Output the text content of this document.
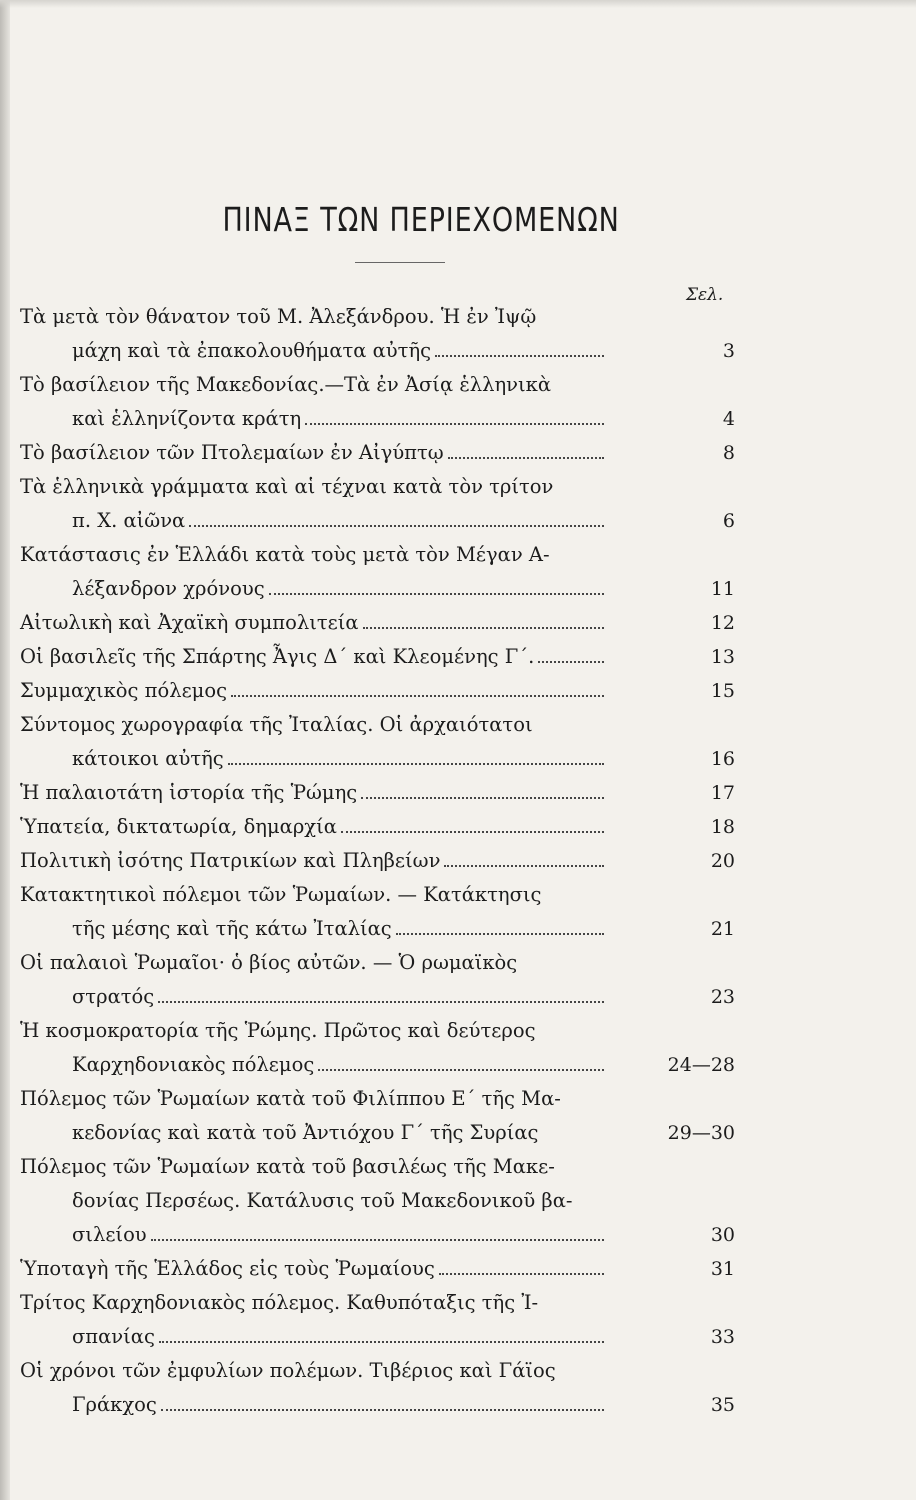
ΠΙΝΑΞ ΤΩΝ ΠΕΡΙΕΧΟΜΕΝΩΝ
Σελ.
Τὰ μετὰ τὸν θάνατον τοῦ Μ. Ἀλεξάνδρου. Ἡ ἐν Ἰψῷ
μάχη καὶ τὰ ἐπακολουθήματα αὐτῆς	3
Τὸ βασίλειον τῆς Μακεδονίας.—Τὰ ἐν Ἀσίᾳ ἑλληνικὰ
καὶ ἑλληνίζοντα κράτη	4
Τὸ βασίλειον τῶν Πτολεμαίων ἐν Αἰγύπτῳ	8
Τὰ ἑλληνικὰ γράμματα καὶ αἱ τέχναι κατὰ τὸν τρίτον
π. Χ. αἰῶνα	6
Κατάστασις ἐν Ἑλλάδι κατὰ τοὺς μετὰ τὸν Μέγαν Α-
λέξανδρον χρόνους	11
Αἰτωλικὴ καὶ Ἀχαϊκὴ συμπολιτεία	12
Οἱ βασιλεῖς τῆς Σπάρτης Ἆγις Δ΄ καὶ Κλεομένης Γ΄.	13
Συμμαχικὸς πόλεμος	15
Σύντομος χωρογραφία τῆς Ἰταλίας. Οἱ ἀρχαιότατοι
κάτοικοι αὐτῆς	16
Ἡ παλαιοτάτη ἱστορία τῆς Ῥώμης	17
Ὑπατεία, δικτατωρία, δημαρχία	18
Πολιτικὴ ἰσότης Πατρικίων καὶ Πληβείων	20
Κατακτητικοὶ πόλεμοι τῶν Ῥωμαίων. — Κατάκτησις
τῆς μέσης καὶ τῆς κάτω Ἰταλίας	21
Οἱ παλαιοὶ Ῥωμαῖοι· ὁ βίος αὐτῶν. — Ὁ ρωμαϊκὸς
στρατός	23
Ἡ κοσμοκρατορία τῆς Ῥώμης. Πρῶτος καὶ δεύτερος
Καρχηδονιακὸς πόλεμος	24—28
Πόλεμος τῶν Ῥωμαίων κατὰ τοῦ Φιλίππου Ε΄ τῆς Μα-
κεδονίας καὶ κατὰ τοῦ Ἀντιόχου Γ΄ τῆς Συρίας	29—30
Πόλεμος τῶν Ῥωμαίων κατὰ τοῦ βασιλέως τῆς Μακε-
δονίας Περσέως. Κατάλυσις τοῦ Μακεδονικοῦ βα-
σιλείου	30
Ὑποταγὴ τῆς Ἑλλάδος εἰς τοὺς Ῥωμαίους	31
Τρίτος Καρχηδονιακὸς πόλεμος. Καθυπόταξις τῆς Ἰ-
σπανίας	33
Οἱ χρόνοι τῶν ἐμφυλίων πολέμων. Τιβέριος καὶ Γάϊος
Γράκχος	35
